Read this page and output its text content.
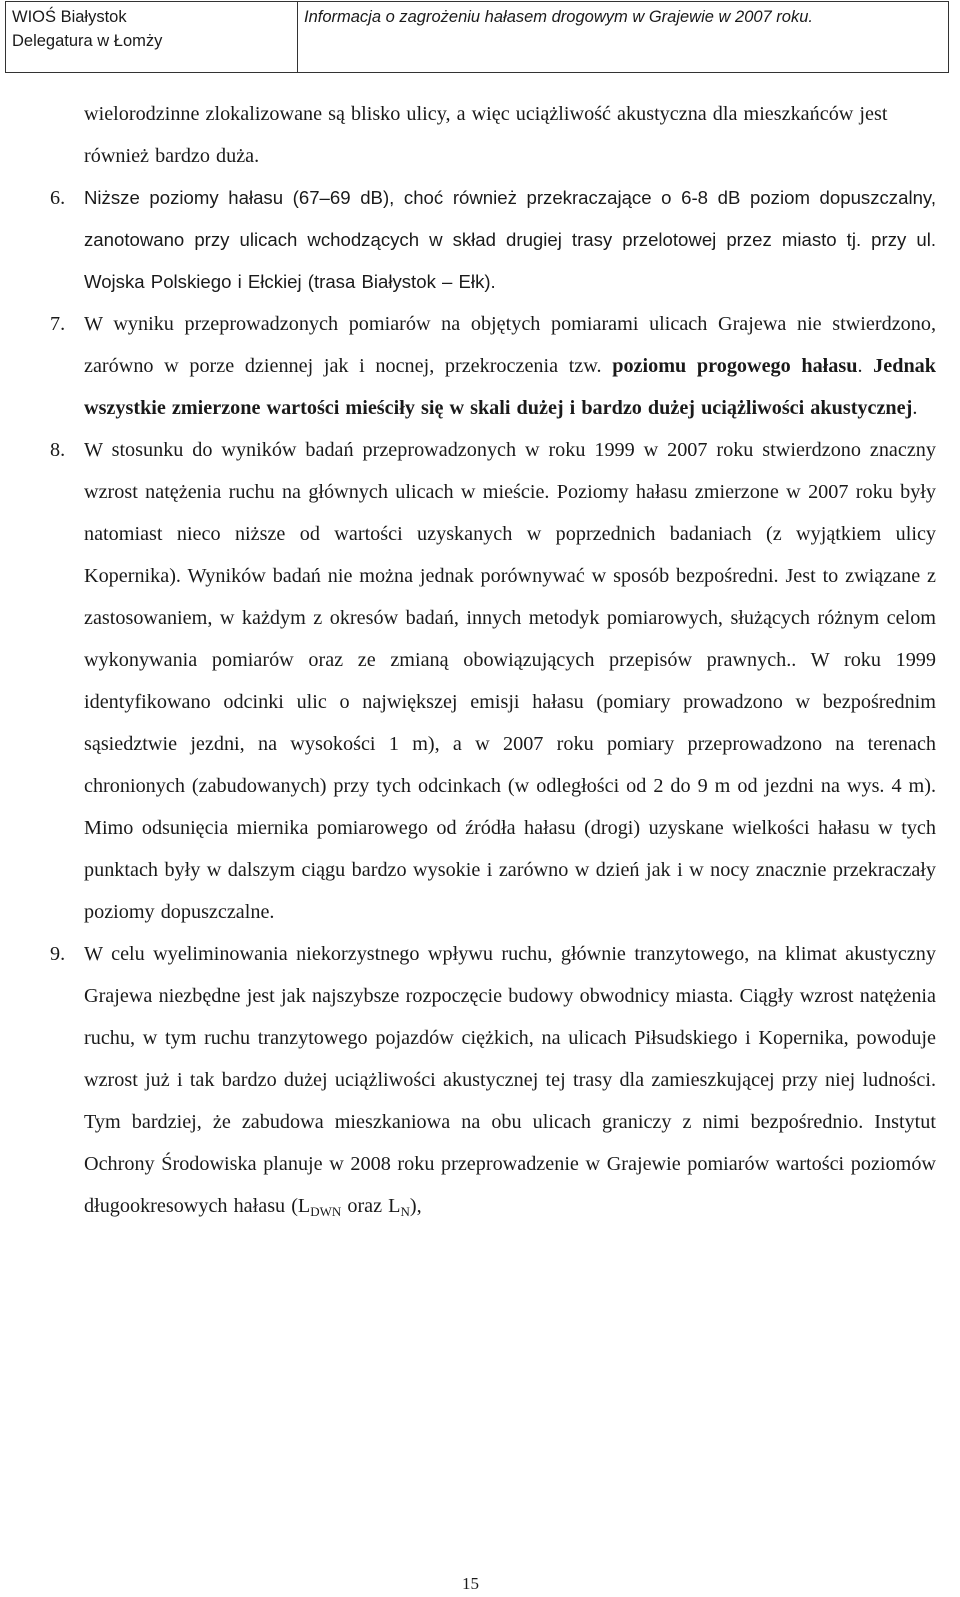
WIOŚ Białystok
Delegatura w Łomży
Informacja o zagrożeniu hałasem drogowym w Grajewie w 2007 roku.

wielorodzinne zlokalizowane są blisko ulicy, a więc uciążliwość akustyczna dla mieszkańców jest również bardzo duża.

6. Niższe poziomy hałasu (67–69 dB), choć również przekraczające o 6-8 dB poziom dopuszczalny, zanotowano przy ulicach wchodzących w skład drugiej trasy przelotowej przez miasto tj. przy ul. Wojska Polskiego i Ełckiej (trasa Białystok – Ełk).
7. W wyniku przeprowadzonych pomiarów na objętych pomiarami ulicach Grajewa nie stwierdzono, zarówno w porze dziennej jak i nocnej, przekroczenia tzw. poziomu progowego hałasu. Jednak wszystkie zmierzone wartości mieściły się w skali dużej i bardzo dużej uciążliwości akustycznej.
8. W stosunku do wyników badań przeprowadzonych w roku 1999 w 2007 roku stwierdzono znaczny wzrost natężenia ruchu na głównych ulicach w mieście. Poziomy hałasu zmierzone w 2007 roku były natomiast nieco niższe od wartości uzyskanych w poprzednich badaniach (z wyjątkiem ulicy Kopernika). Wyników badań nie można jednak porównywać w sposób bezpośredni. Jest to związane z zastosowaniem, w każdym z okresów badań, innych metodyk pomiarowych, służących różnym celom wykonywania pomiarów oraz ze zmianą obowiązujących przepisów prawnych.. W roku 1999 identyfikowano odcinki ulic o największej emisji hałasu (pomiary prowadzono w bezpośrednim sąsiedztwie jezdni, na wysokości 1 m), a w 2007 roku pomiary przeprowadzono na terenach chronionych (zabudowanych) przy tych odcinkach (w odległości od 2 do 9 m od jezdni na wys. 4 m). Mimo odsunięcia miernika pomiarowego od źródła hałasu (drogi) uzyskane wielkości hałasu w tych punktach były w dalszym ciągu bardzo wysokie i zarówno w dzień jak i w nocy znacznie przekraczały poziomy dopuszczalne.
9. W celu wyeliminowania niekorzystnego wpływu ruchu, głównie tranzytowego, na klimat akustyczny Grajewa niezbędne jest jak najszybsze rozpoczęcie budowy obwodnicy miasta. Ciągły wzrost natężenia ruchu, w tym ruchu tranzytowego pojazdów ciężkich, na ulicach Piłsudskiego i Kopernika, powoduje wzrost już i tak bardzo dużej uciążliwości akustycznej tej trasy dla zamieszkującej przy niej ludności. Tym bardziej, że zabudowa mieszkaniowa na obu ulicach graniczy z nimi bezpośrednio. Instytut Ochrony Środowiska planuje w 2008 roku przeprowadzenie w Grajewie pomiarów wartości poziomów długookresowych hałasu ($L_{DWN}$ oraz $L_N$),
15
